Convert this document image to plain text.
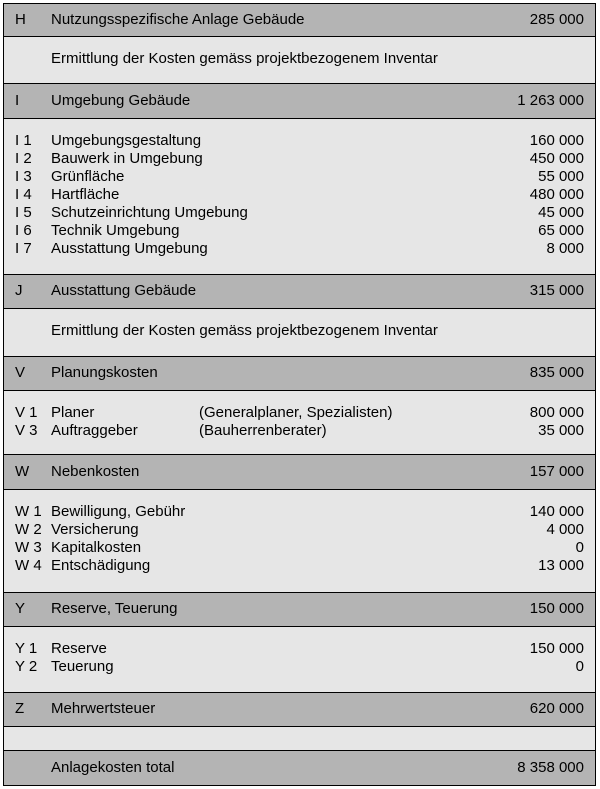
H Nutzungsspezifische Anlage Gebäude	285 000
Ermittlung der Kosten gemäss projektbezogenem Inventar
I Umgebung Gebäude	1 263 000
I 1 Umgebungsgestaltung	160 000
I 2 Bauwerk in Umgebung	450 000
I 3 Grünfläche	55 000
I 4 Hartfläche	480 000
I 5 Schutzeinrichtung Umgebung	45 000
I 6 Technik Umgebung	65 000
I 7 Ausstattung Umgebung	8 000
J Ausstattung Gebäude	315 000
Ermittlung der Kosten gemäss projektbezogenem Inventar
V Planungskosten	835 000
V 1 Planer	(Generalplaner, Spezialisten)	800 000
V 3 Auftraggeber	(Bauherrenberater)	35 000
W Nebenkosten	157 000
W 1 Bewilligung, Gebühr	140 000
W 2 Versicherung	4 000
W 3 Kapitalkosten	0
W 4 Entschädigung	13 000
Y Reserve, Teuerung	150 000
Y 1 Reserve	150 000
Y 2 Teuerung	0
Z Mehrwertsteuer	620 000
Anlagekosten total	8 358 000
